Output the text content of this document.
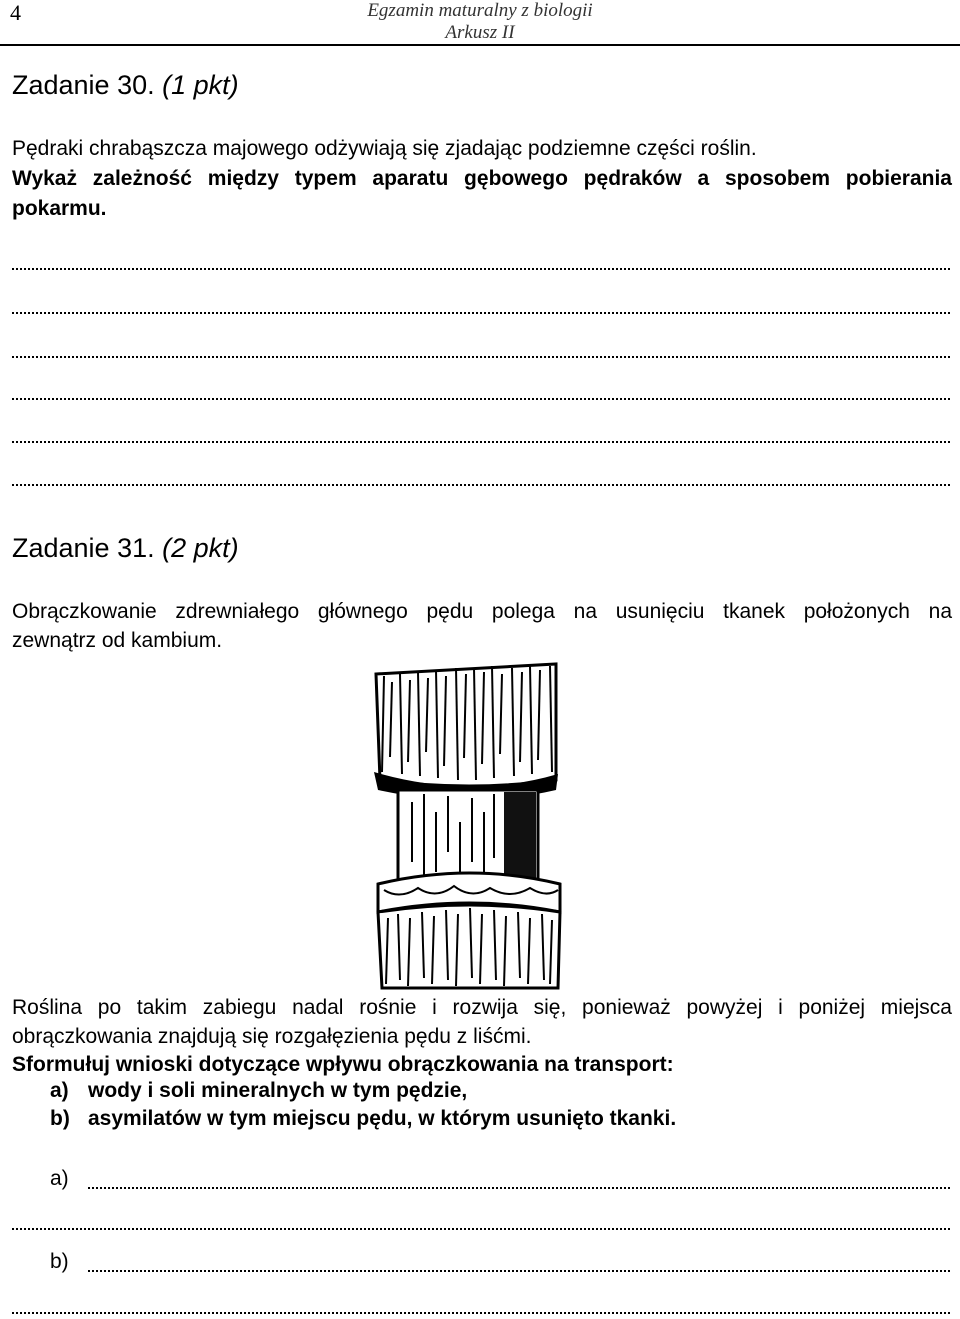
4	Egzamin maturalny z biologii
Arkusz II
Zadanie 30. (1 pkt)
Pędraki chrabąszcza majowego odżywiają się zjadając podziemne części roślin.
Wykaż zależność między typem aparatu gębowego pędraków a sposobem pobierania
pokarmu.
Zadanie 31. (2 pkt)
Obrączkowanie zdrewniałego głównego pędu polega na usunięciu tkanek położonych na
zewnątrz od kambium.
Roślina po takim zabiegu nadal rośnie i rozwija się, ponieważ powyżej i poniżej miejsca
obrączkowania znajdują się rozgałęzienia pędu z liśćmi.
Sformułuj wnioski dotyczące wpływu obrączkowania na transport:
a) wody i soli mineralnych w tym pędzie,
b) asymilatów w tym miejscu pędu, w którym usunięto tkanki.
a)
b)
